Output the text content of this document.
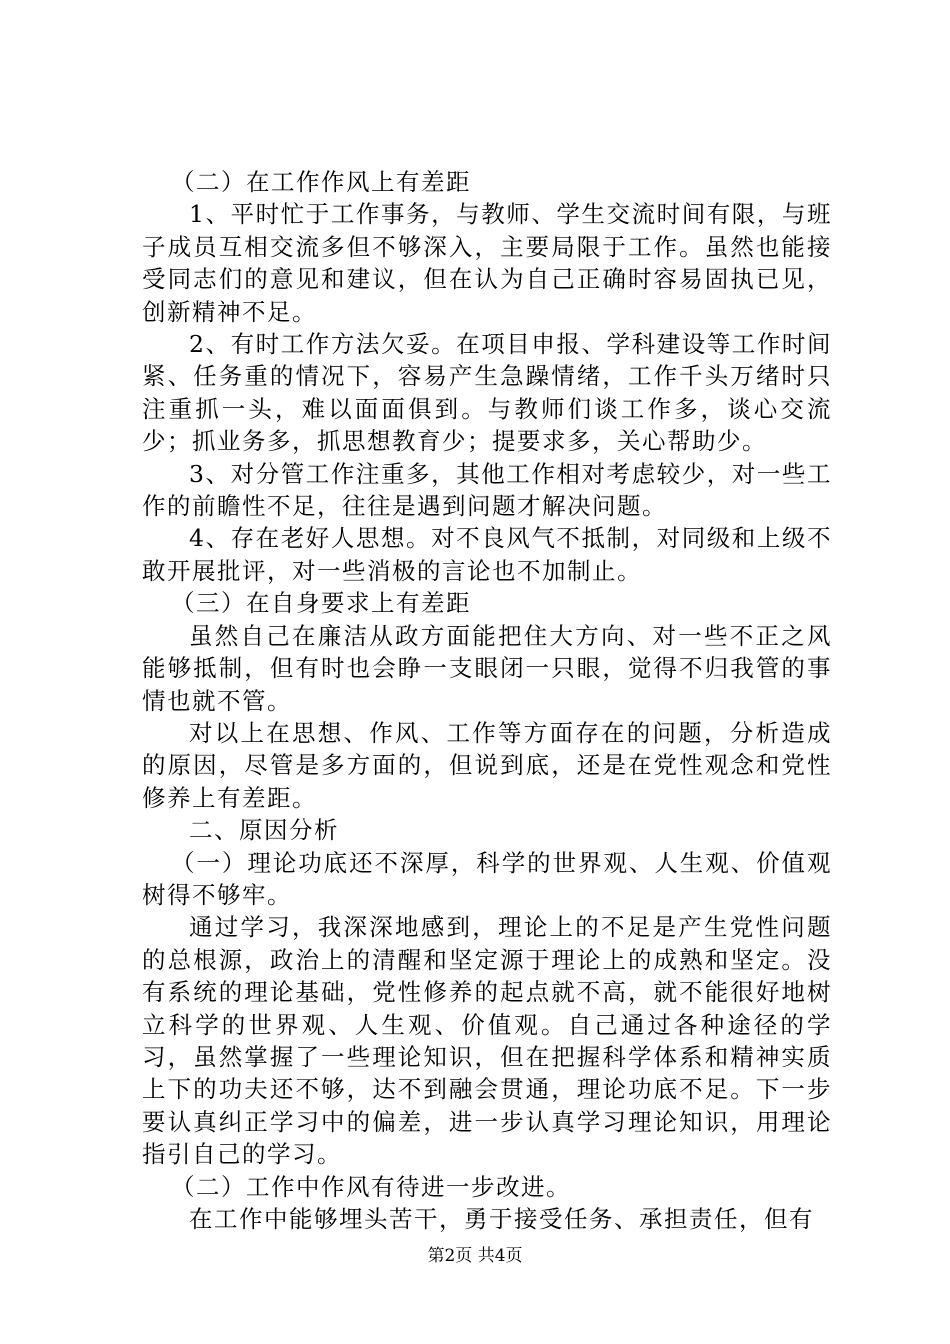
（二）在工作作风上有差距

1、平时忙于工作事务，与教师、学生交流时间有限，与班子成员互相交流多但不够深入，主要局限于工作。虽然也能接受同志们的意见和建议，但在认为自己正确时容易固执已见，创新精神不足。

2、有时工作方法欠妥。在项目申报、学科建设等工作时间紧、任务重的情况下，容易产生急躁情绪，工作千头万绪时只注重抓一头，难以面面俱到。与教师们谈工作多，谈心交流少；抓业务多，抓思想教育少；提要求多，关心帮助少。

3、对分管工作注重多，其他工作相对考虑较少，对一些工作的前瞻性不足，往往是遇到问题才解决问题。

4、存在老好人思想。对不良风气不抵制，对同级和上级不敢开展批评，对一些消极的言论也不加制止。

（三）在自身要求上有差距

虽然自己在廉洁从政方面能把住大方向、对一些不正之风能够抵制，但有时也会睁一支眼闭一只眼，觉得不归我管的事情也就不管。

对以上在思想、作风、工作等方面存在的问题，分析造成的原因，尽管是多方面的，但说到底，还是在党性观念和党性修养上有差距。

二、原因分析

（一）理论功底还不深厚，科学的世界观、人生观、价值观树得不够牢。

通过学习，我深深地感到，理论上的不足是产生党性问题的总根源，政治上的清醒和坚定源于理论上的成熟和坚定。没有系统的理论基础，党性修养的起点就不高，就不能很好地树立科学的世界观、人生观、价值观。自己通过各种途径的学习，虽然掌握了一些理论知识，但在把握科学体系和精神实质上下的功夫还不够，达不到融会贯通，理论功底不足。下一步要认真纠正学习中的偏差，进一步认真学习理论知识，用理论指引自己的学习。

（二）工作中作风有待进一步改进。

在工作中能够埋头苦干，勇于接受任务、承担责任，但有

第2页 共4页
